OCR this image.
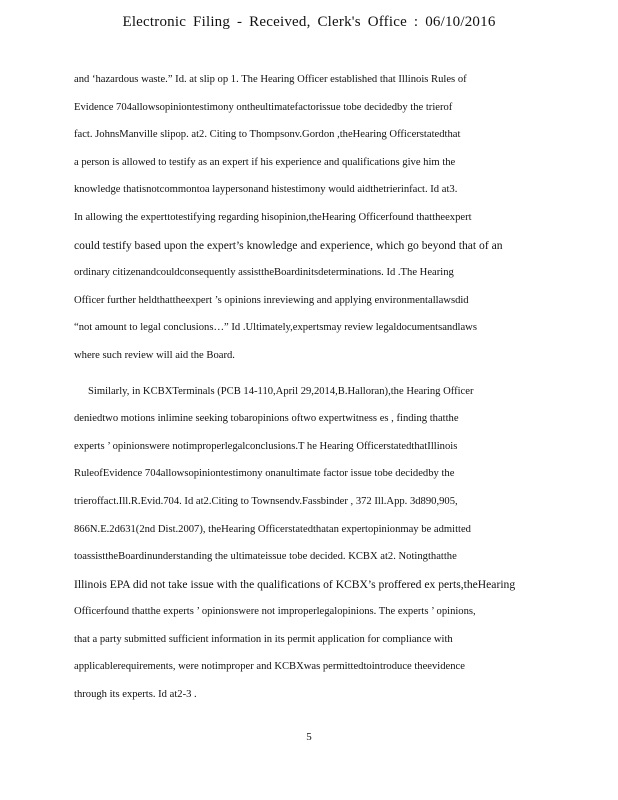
Electronic Filing - Received, Clerk's Office : 06/10/2016
and ‘hazardous waste.” Id. at slip op 1. The Hearing Officer established that Illinois Rules of
Evidence 704allowsopiniontestimony ontheultimatefactorissue tobe decidedby the trierof
fact. JohnsManville slipop. at2. Citing to Thompsonv.Gordon ,theHearing Officerstatedthat
a person is allowed to testify as an expert if his experience and qualifications give him the
knowledge thatisnotcommontoa laypersonand histestimony would aidthetrierinfact. Id at3.
In allowing the experttotestifying regarding hisopinion,theHearing Officerfound thattheexpert
could testify based upon the expert’s knowledge and experience, which go beyond that of an
ordinary citizenandcouldconsequently assisttheBoardinitsdeterminations. Id .The Hearing
Officer further heldthattheexpert ’s opinions inreviewing and applying environmentallawsdid
“not amount to legal conclusions…” Id .Ultimately,expertsmay review legaldocumentsandlaws
where such review will aid the Board.
Similarly, in KCBXTerminals (PCB 14-110,April 29,2014,B.Halloran),the Hearing Officer
deniedtwo motions inlimine seeking tobaropinions oftwo expertwitness es , finding thatthe
experts ’ opinionswere notimproperlegalconclusions.T he Hearing OfficerstatedthatIllinois
RuleofEvidence 704allowsopiniontestimony onanultimate factor issue tobe decidedby the
trieroffact.Ill.R.Evid.704. Id at2.Citing to Townsendv.Fassbinder , 372 Ill.App. 3d890,905,
866N.E.2d631(2nd Dist.2007), theHearing Officerstatedthatan expertopinionmay be admitted
toassisttheBoardinunderstanding the ultimateissue tobe decided. KCBX at2. Notingthatthe
Illinois EPA did not take issue with the qualifications of KCBX’s proffered ex perts,theHearing
Officerfound thatthe experts ’ opinionswere not improperlegalopinions. The experts ’ opinions,
that a party submitted sufficient information in its permit application for compliance with
applicablerequirements, were notimproper and KCBXwas permittedtointroduce theevidence
through its experts. Id at2-3 .
5
